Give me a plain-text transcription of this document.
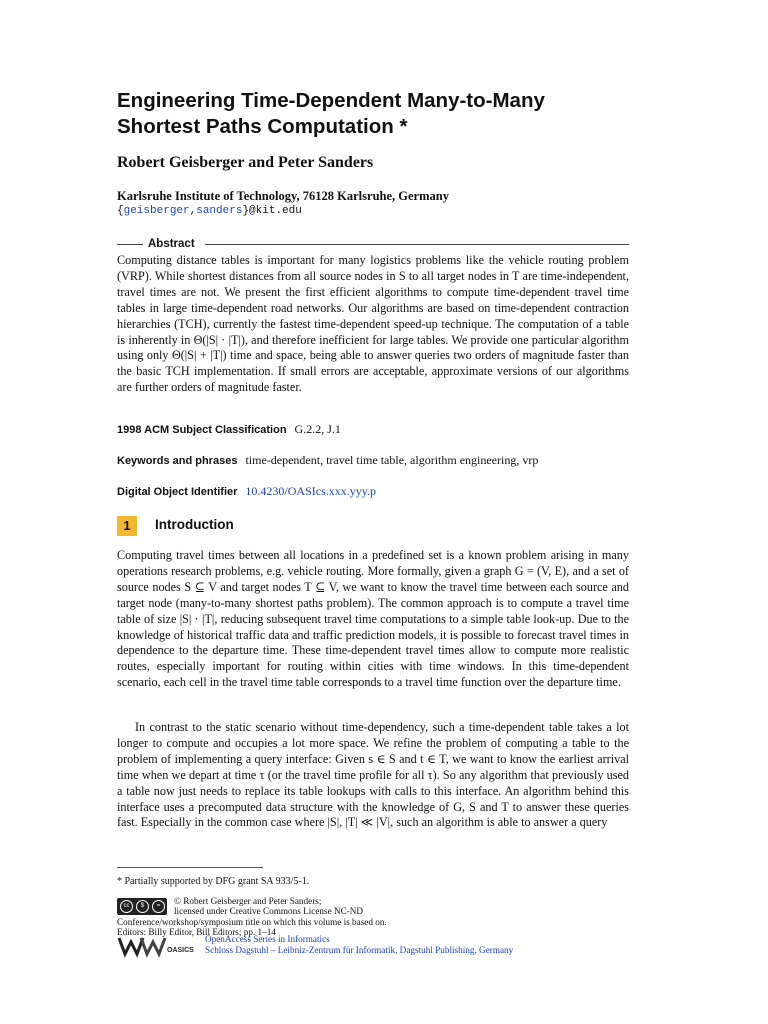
Engineering Time-Dependent Many-to-Many Shortest Paths Computation *
Robert Geisberger and Peter Sanders
Karlsruhe Institute of Technology, 76128 Karlsruhe, Germany
{geisberger,sanders}@kit.edu
Abstract
Computing distance tables is important for many logistics problems like the vehicle routing problem (VRP). While shortest distances from all source nodes in S to all target nodes in T are time-independent, travel times are not. We present the first efficient algorithms to compute time-dependent travel time tables in large time-dependent road networks. Our algorithms are based on time-dependent contraction hierarchies (TCH), currently the fastest time-dependent speed-up technique. The computation of a table is inherently in Θ(|S| · |T|), and therefore inefficient for large tables. We provide one particular algorithm using only Θ(|S| + |T|) time and space, being able to answer queries two orders of magnitude faster than the basic TCH implementation. If small errors are acceptable, approximate versions of our algorithms are further orders of magnitude faster.
1998 ACM Subject Classification G.2.2, J.1
Keywords and phrases time-dependent, travel time table, algorithm engineering, vrp
Digital Object Identifier 10.4230/OASIcs.xxx.yyy.p
1	Introduction
Computing travel times between all locations in a predefined set is a known problem arising in many operations research problems, e.g. vehicle routing. More formally, given a graph G = (V, E), and a set of source nodes S ⊆ V and target nodes T ⊆ V, we want to know the travel time between each source and target node (many-to-many shortest paths problem). The common approach is to compute a travel time table of size |S| · |T|, reducing subsequent travel time computations to a simple table look-up. Due to the knowledge of historical traffic data and traffic prediction models, it is possible to forecast travel times in dependence to the departure time. These time-dependent travel times allow to compute more realistic routes, especially important for routing within cities with time windows. In this time-dependent scenario, each cell in the travel time table corresponds to a travel time function over the departure time.
In contrast to the static scenario without time-dependency, such a time-dependent table takes a lot longer to compute and occupies a lot more space. We refine the problem of computing a table to the problem of implementing a query interface: Given s ∈ S and t ∈ T, we want to know the earliest arrival time when we depart at time τ (or the travel time profile for all τ). So any algorithm that previously used a table now just needs to replace its table lookups with calls to this interface. An algorithm behind this interface uses a precomputed data structure with the knowledge of G, S and T to answer these queries fast. Especially in the common case where |S|, |T| ≪ |V|, such an algorithm is able to answer a query
* Partially supported by DFG grant SA 933/5-1.
cc	$	=	© Robert Geisberger and Peter Sanders;
licensed under Creative Commons License NC-ND
Conference/workshop/symposium title on which this volume is based on.
Editors: Billy Editor, Bill Editors; pp. 1–14
OASICS
OpenAccess Series in Informatics
Schloss Dagstuhl – Leibniz-Zentrum für Informatik, Dagstuhl Publishing, Germany
